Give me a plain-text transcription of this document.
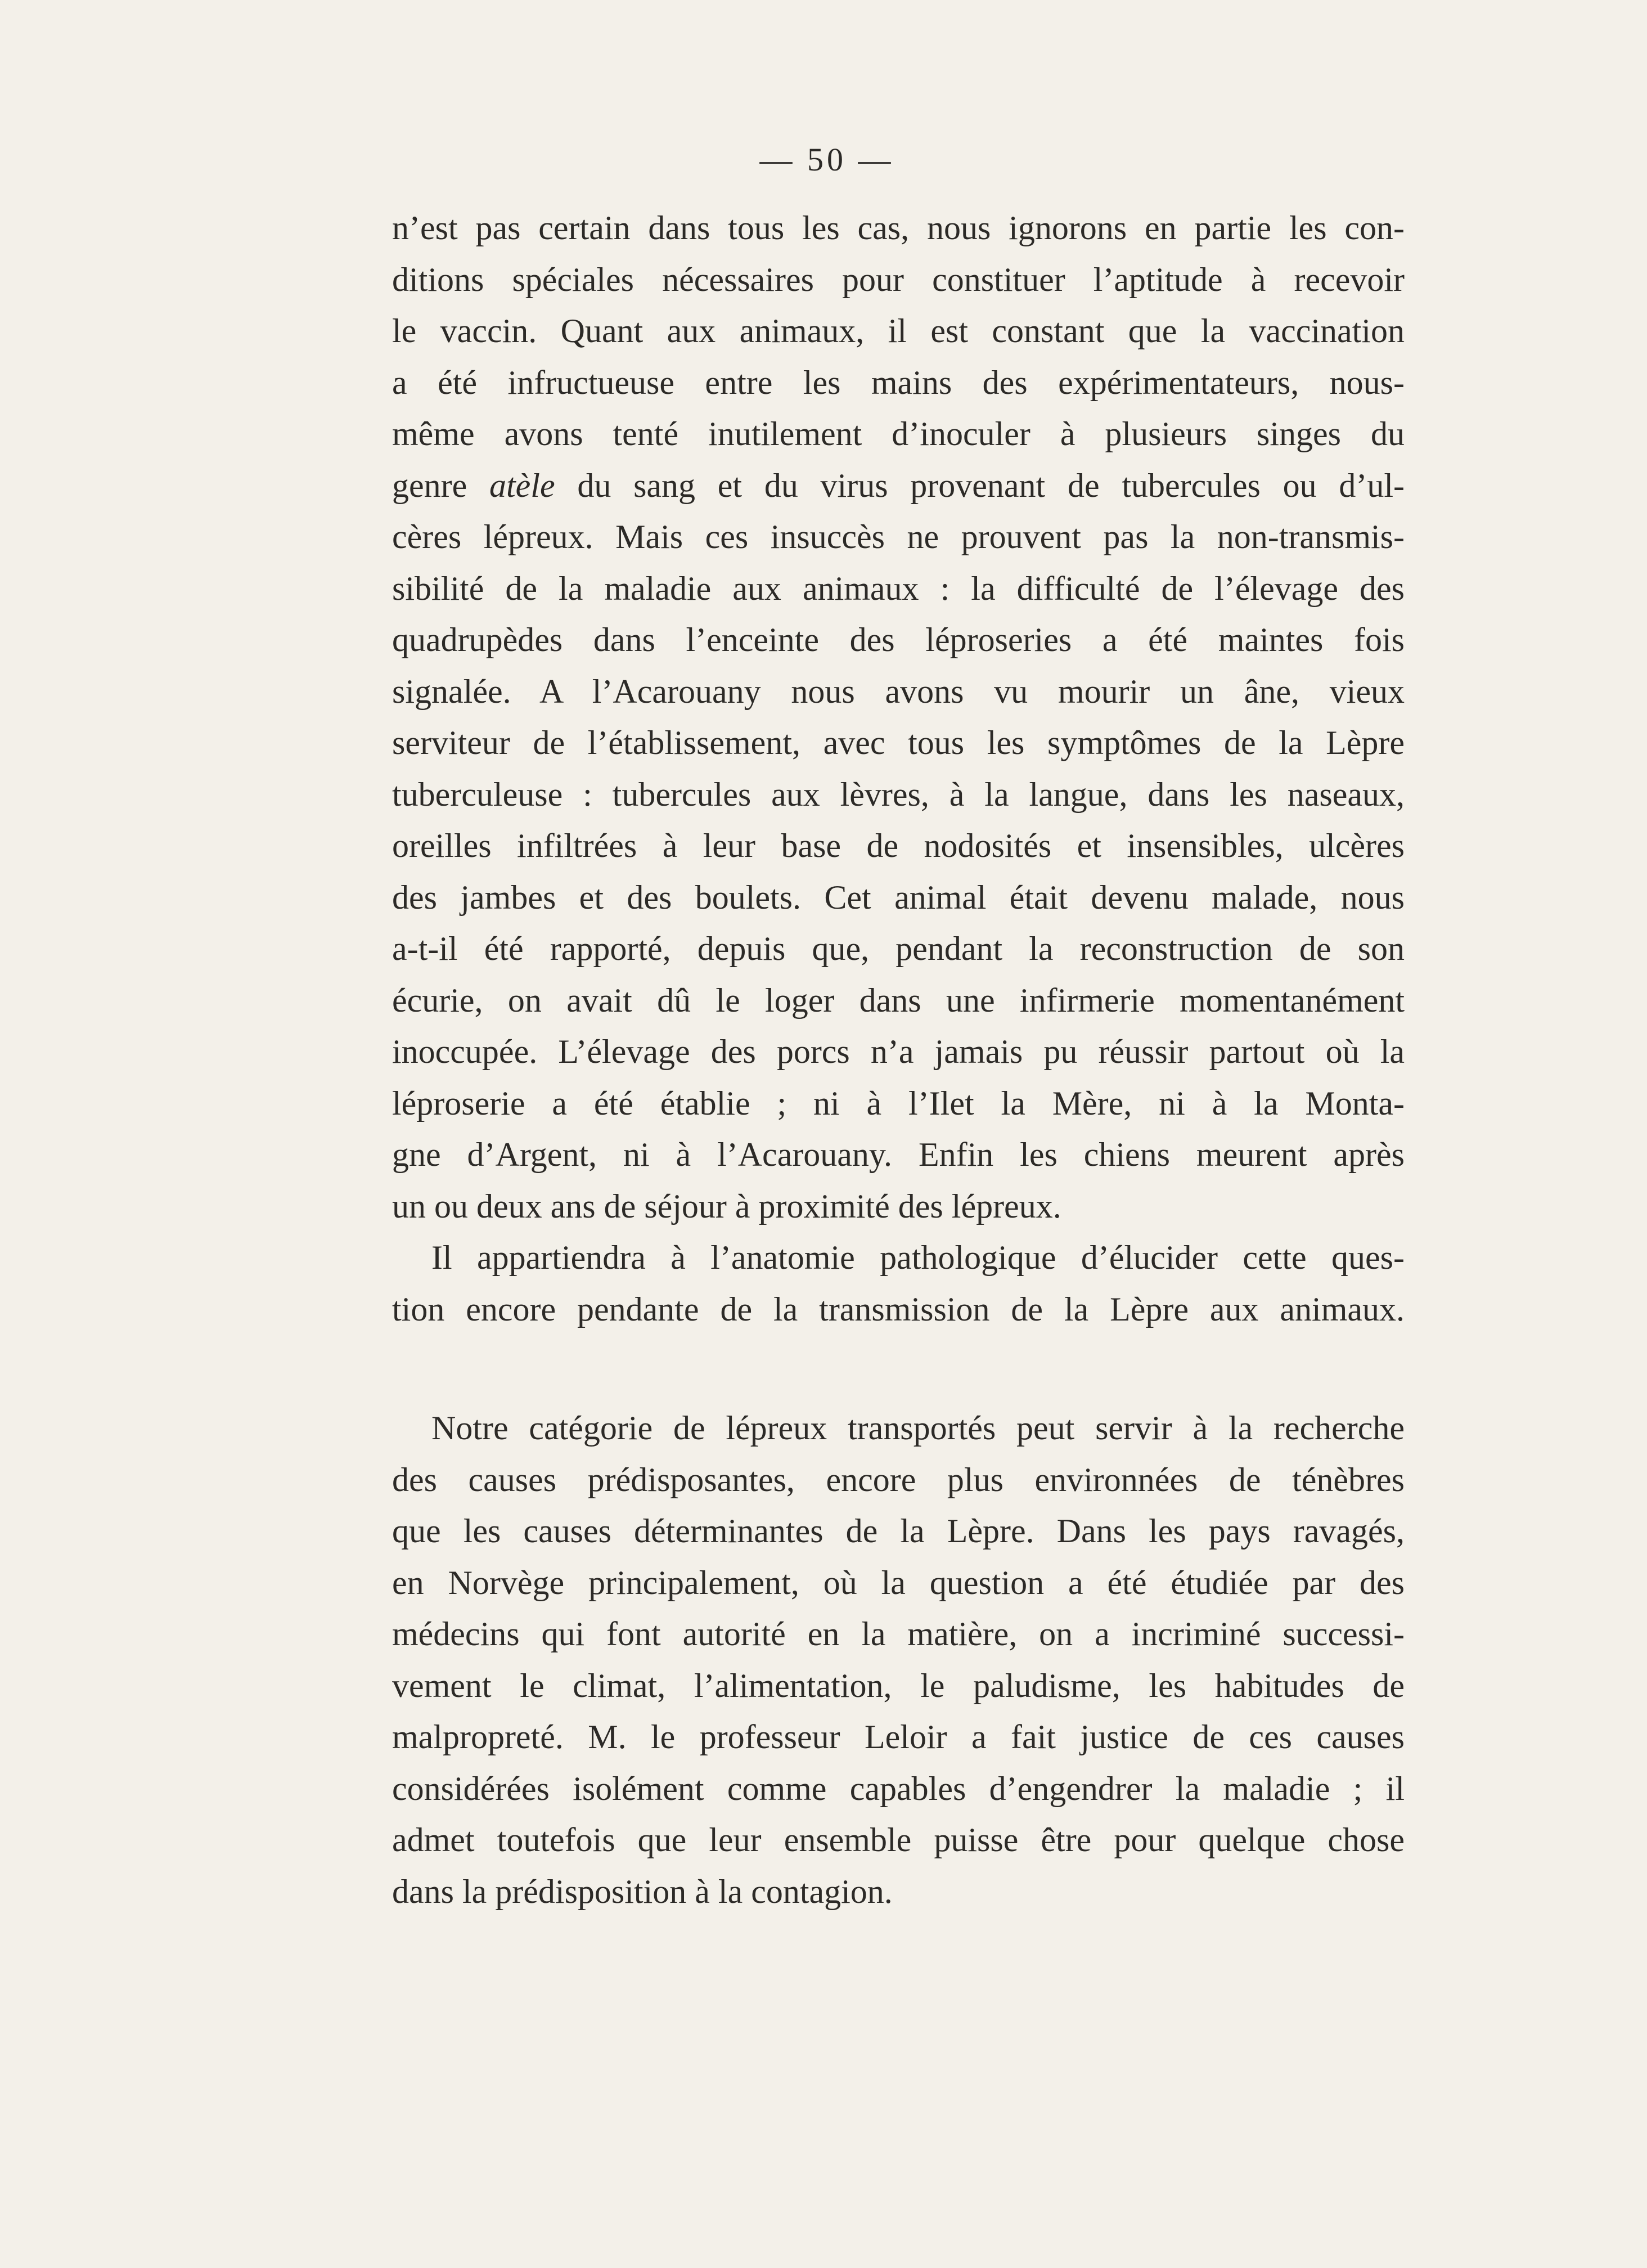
— 50 —
n’est pas certain dans tous les cas, nous ignorons en partie les con-
ditions spéciales nécessaires pour constituer l’aptitude à recevoir
le vaccin. Quant aux animaux, il est constant que la vaccination
a été infructueuse entre les mains des expérimentateurs, nous-
même avons tenté inutilement d’inoculer à plusieurs singes du
genre atèle du sang et du virus provenant de tubercules ou d’ul-
cères lépreux. Mais ces insuccès ne prouvent pas la non-transmis-
sibilité de la maladie aux animaux : la difficulté de l’élevage des
quadrupèdes dans l’enceinte des léproseries a été maintes fois
signalée. A l’Acarouany nous avons vu mourir un âne, vieux
serviteur de l’établissement, avec tous les symptômes de la Lèpre
tuberculeuse : tubercules aux lèvres, à la langue, dans les naseaux,
oreilles infiltrées à leur base de nodosités et insensibles, ulcères
des jambes et des boulets. Cet animal était devenu malade, nous
a-t-il été rapporté, depuis que, pendant la reconstruction de son
écurie, on avait dû le loger dans une infirmerie momentanément
inoccupée. L’élevage des porcs n’a jamais pu réussir partout où la
léproserie a été établie ; ni à l’Ilet la Mère, ni à la Monta-
gne d’Argent, ni à l’Acarouany. Enfin les chiens meurent après
un ou deux ans de séjour à proximité des lépreux.
Il appartiendra à l’anatomie pathologique d’élucider cette ques-
tion encore pendante de la transmission de la Lèpre aux animaux.
Notre catégorie de lépreux transportés peut servir à la recherche
des causes prédisposantes, encore plus environnées de ténèbres
que les causes déterminantes de la Lèpre. Dans les pays ravagés,
en Norvège principalement, où la question a été étudiée par des
médecins qui font autorité en la matière, on a incriminé successi-
vement le climat, l’alimentation, le paludisme, les habitudes de
malpropreté. M. le professeur Leloir a fait justice de ces causes
considérées isolément comme capables d’engendrer la maladie ; il
admet toutefois que leur ensemble puisse être pour quelque chose
dans la prédisposition à la contagion.
